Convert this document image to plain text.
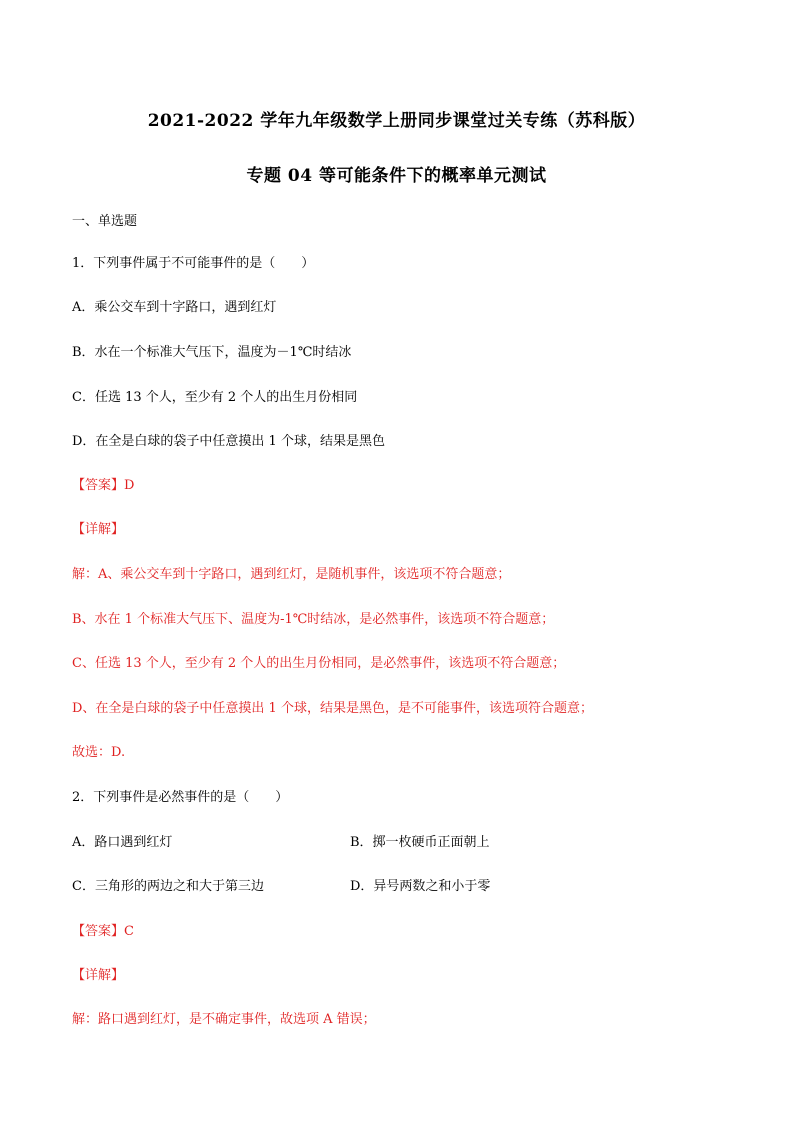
2021-2022 学年九年级数学上册同步课堂过关专练（苏科版）
专题 04 等可能条件下的概率单元测试
一、单选题
1．下列事件属于不可能事件的是（　　）
A．乘公交车到十字路口，遇到红灯
B．水在一个标准大气压下，温度为－1℃时结冰
C．任选 13 个人，至少有 2 个人的出生月份相同
D．在全是白球的袋子中任意摸出 1 个球，结果是黑色
【答案】D
【详解】
解：A、乘公交车到十字路口，遇到红灯，是随机事件，该选项不符合题意；
B、水在 1 个标准大气压下、温度为-1℃时结冰，是必然事件，该选项不符合题意；
C、任选 13 个人，至少有 2 个人的出生月份相同，是必然事件，该选项不符合题意；
D、在全是白球的袋子中任意摸出 1 个球，结果是黑色，是不可能事件，该选项符合题意；
故选：D.
2．下列事件是必然事件的是（　　）
A．路口遇到红灯	B．掷一枚硬币正面朝上
C．三角形的两边之和大于第三边	D．异号两数之和小于零
【答案】C
【详解】
解：路口遇到红灯，是不确定事件，故选项 A 错误；
